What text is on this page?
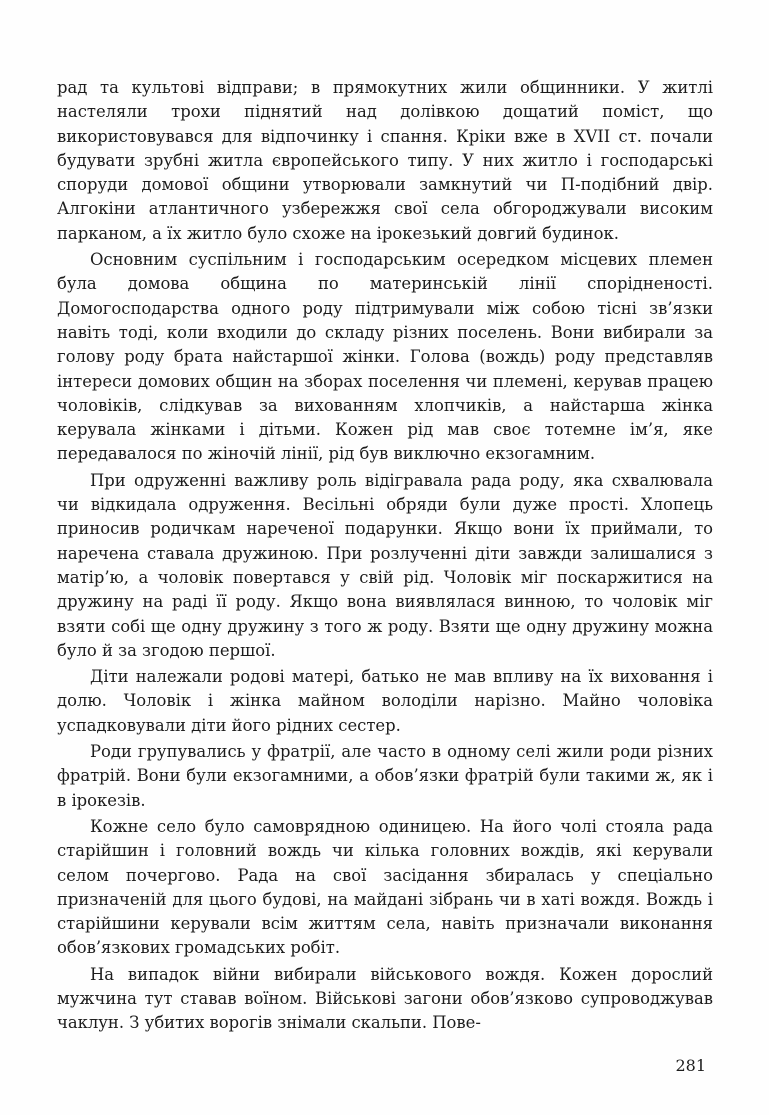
рад та культові відправи; в прямокутних жили общинники. У житлі настеляли трохи піднятий над долівкою дощатий поміст, що використовувався для відпочинку і спання. Кріки вже в XVII ст. почали будувати зрубні житла європейського типу. У них житло і господарські споруди домової общини утворювали замкнутий чи П-подібний двір. Алгокіни атлантичного узбережжя свої села обгороджували високим парканом, а їх житло було схоже на ірокезький довгий будинок.

Основним суспільним і господарським осередком місцевих племен була домова община по материнській лінії спорідненості. Домогосподарства одного роду підтримували між собою тісні зв’язки навіть тоді, коли входили до складу різних поселень. Вони вибирали за голову роду брата найстаршої жінки. Голова (вождь) роду представляв інтереси домових общин на зборах поселення чи племені, керував працею чоловіків, слідкував за вихованням хлопчиків, а найстарша жінка керувала жінками і дітьми. Кожен рід мав своє тотемне ім’я, яке передавалося по жіночій лінії, рід був виключно екзогамним.

При одруженні важливу роль відігравала рада роду, яка схвалювала чи відкидала одруження. Весільні обряди були дуже прості. Хлопець приносив родичкам нареченої подарунки. Якщо вони їх приймали, то наречена ставала дружиною. При розлученні діти завжди залишалися з матір’ю, а чоловік повертався у свій рід. Чоловік міг поскаржитися на дружину на раді її роду. Якщо вона виявлялася винною, то чоловік міг взяти собі ще одну дружину з того ж роду. Взяти ще одну дружину можна було й за згодою першої.

Діти належали родові матері, батько не мав впливу на їх виховання і долю. Чоловік і жінка майном володіли нарізно. Майно чоловіка успадковували діти його рідних сестер.

Роди групувались у фратрії, але часто в одному селі жили роди різних фратрій. Вони були екзогамними, а обов’язки фратрій були такими ж, як і в ірокезів.

Кожне село було самоврядною одиницею. На його чолі стояла рада старійшин і головний вождь чи кілька головних вождів, які керували селом почергово. Рада на свої засідання збиралась у спеціально призначеній для цього будові, на майдані зібрань чи в хаті вождя. Вождь і старійшини керували всім життям села, навіть призначали виконання обов’язкових громадських робіт.

На випадок війни вибирали військового вождя. Кожен дорослий мужчина тут ставав воїном. Військові загони обов’язково супроводжував чаклун. З убитих ворогів знімали скальпи. Пове-

281
